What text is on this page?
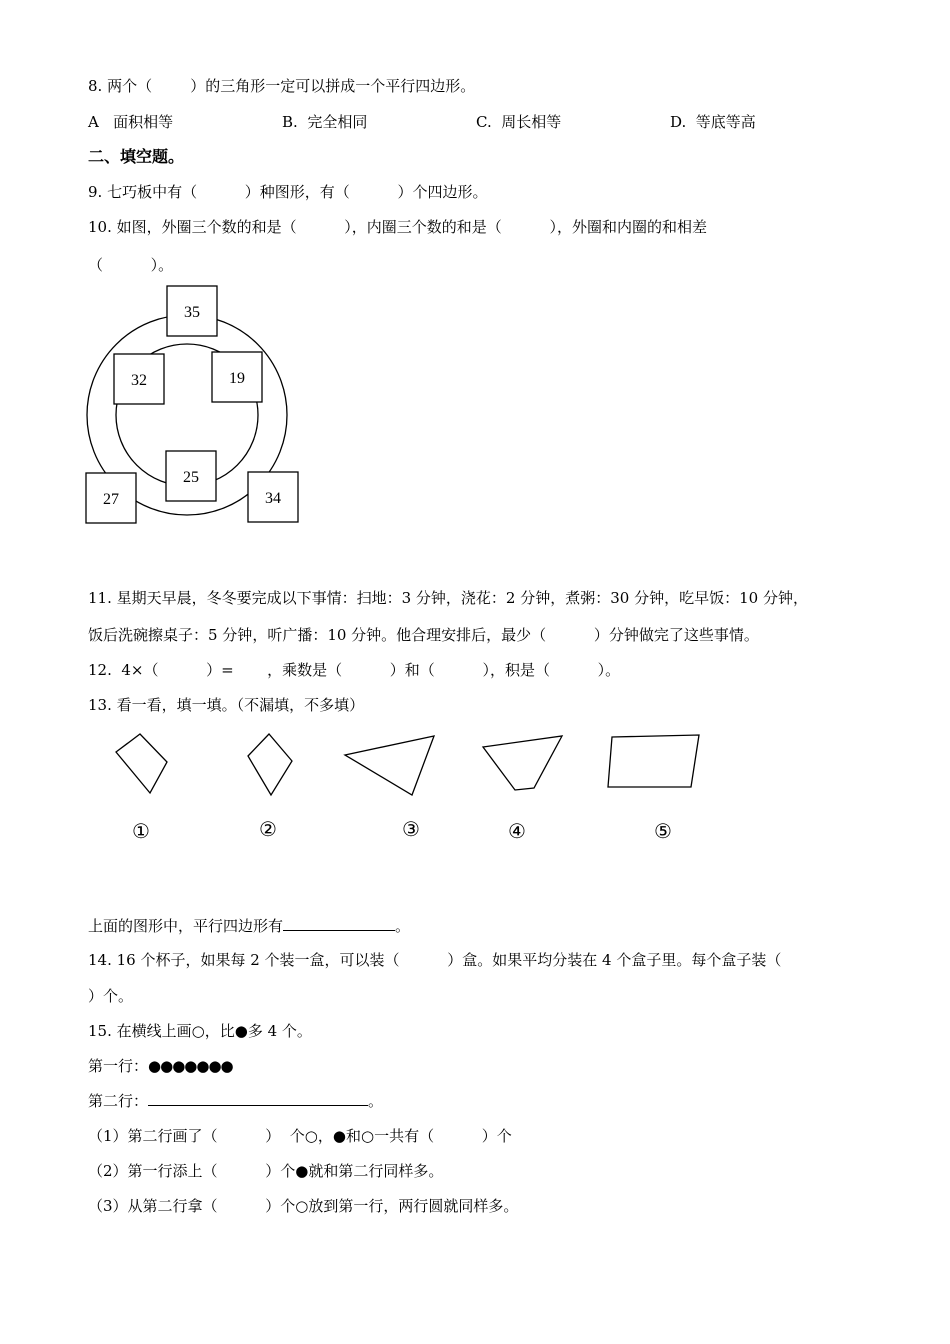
8. 两个（        ）的三角形一定可以拼成一个平行四边形。
A   面积相等	B.  完全相同	C.  周长相等	D.  等底等高
二、填空题。
9. 七巧板中有（          ）种图形，有（          ）个四边形。
10. 如图，外圈三个数的和是（          ），内圈三个数的和是（          ），外圈和内圈的和相差
（          ）。
35
32	19
25
27	34
11. 星期天早晨，冬冬要完成以下事情：扫地：3 分钟，浇花：2 分钟，煮粥：30 分钟，吃早饭：10 分钟，
饭后洗碗擦桌子：5 分钟，听广播：10 分钟。他合理安排后，最少（          ）分钟做完了这些事情。
12.  4×（          ）=       ，乘数是（          ）和（          ），积是（          ）。
13. 看一看，填一填。（不漏填，不多填）
①	②	③	④	⑤
上面的图形中，平行四边形有	。
14. 16 个杯子，如果每 2 个装一盒，可以装（          ）盒。如果平均分装在 4 个盒子里。每个盒子装（
）个。
15. 在横线上画○，比●多 4 个。
第一行：●●●●●●●
第二行：	。
（1）第二行画了（          ）  个○，●和○一共有（          ）个
（2）第一行添上（          ）个●就和第二行同样多。
（3）从第二行拿（          ）个○放到第一行，两行圆就同样多。
